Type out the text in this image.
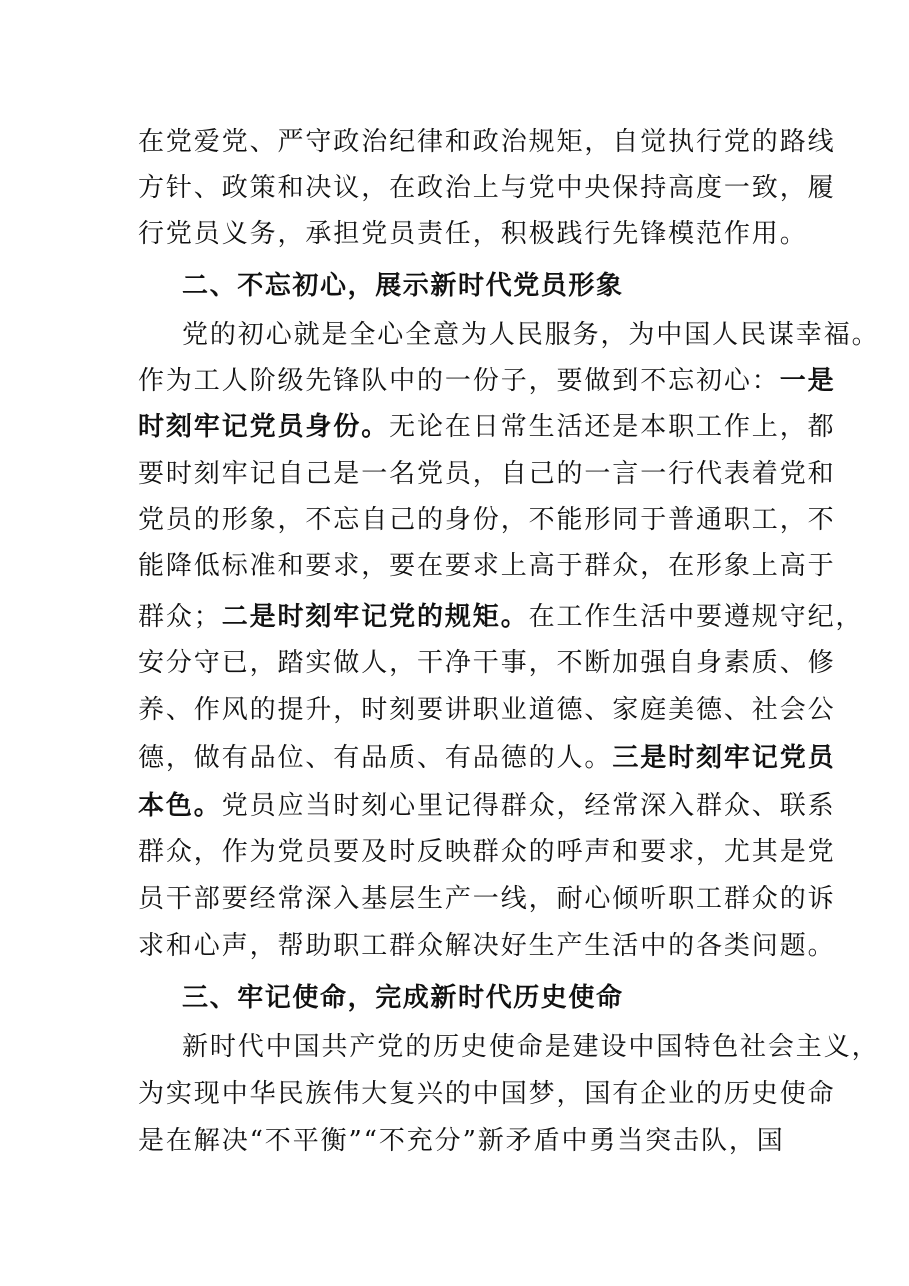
在党爱党、严守政治纪律和政治规矩，自觉执行党的路线
方针、政策和决议，在政治上与党中央保持高度一致，履
行党员义务，承担党员责任，积极践行先锋模范作用。
二、不忘初心，展示新时代党员形象
党的初心就是全心全意为人民服务，为中国人民谋幸福。
作为工人阶级先锋队中的一份子，要做到不忘初心：一是
时刻牢记党员身份。无论在日常生活还是本职工作上，都
要时刻牢记自己是一名党员，自己的一言一行代表着党和
党员的形象，不忘自己的身份，不能形同于普通职工，不
能降低标准和要求，要在要求上高于群众，在形象上高于
群众；二是时刻牢记党的规矩。在工作生活中要遵规守纪，
安分守已，踏实做人，干净干事，不断加强自身素质、修
养、作风的提升，时刻要讲职业道德、家庭美德、社会公
德，做有品位、有品质、有品德的人。三是时刻牢记党员
本色。党员应当时刻心里记得群众，经常深入群众、联系
群众，作为党员要及时反映群众的呼声和要求，尤其是党
员干部要经常深入基层生产一线，耐心倾听职工群众的诉
求和心声，帮助职工群众解决好生产生活中的各类问题。
三、牢记使命，完成新时代历史使命
新时代中国共产党的历史使命是建设中国特色社会主义，
为实现中华民族伟大复兴的中国梦，国有企业的历史使命
是在解决“不平衡”“不充分”新矛盾中勇当突击队，国
